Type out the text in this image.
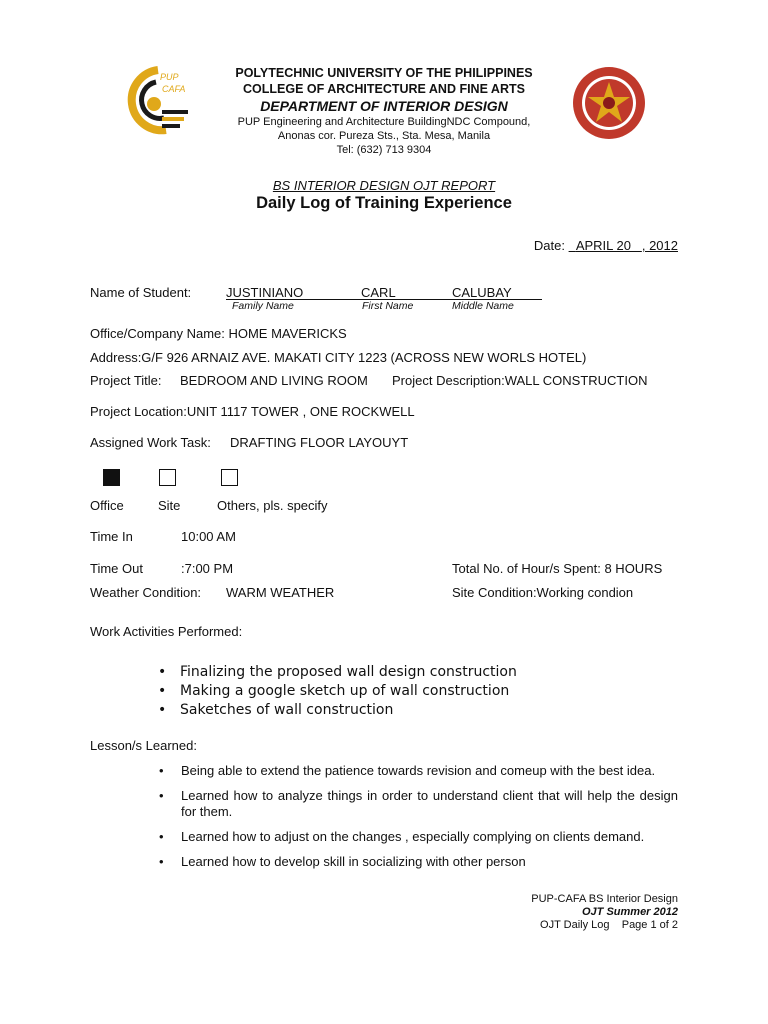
PUP
CAFA
POLYTECHNIC UNIVERSITY OF THE PHILIPPINES
COLLEGE OF ARCHITECTURE AND FINE ARTS
DEPARTMENT OF INTERIOR DESIGN
PUP Engineering and Architecture BuildingNDC Compound,
Anonas cor. Pureza Sts., Sta. Mesa, Manila
Tel: (632) 713 9304
BS INTERIOR DESIGN OJT REPORT
Daily Log of Training Experience
Date: APRIL 20 , 2012
Name of Student:	JUSTINIANO	CARL	CALUBAY
Family Name	First Name	Middle Name
Office/Company Name: HOME MAVERICKS
Address:G/F 926 ARNAIZ AVE. MAKATI CITY 1223 (ACROSS NEW WORLS HOTEL)
Project Title: BEDROOM AND LIVING ROOM Project Description:WALL CONSTRUCTION
Project Location:UNIT 1117 TOWER , ONE ROCKWELL
Assigned Work Task: DRAFTING FLOOR LAYOUYT
Office	Site	Others, pls. specify
Time In	10:00 AM
Time Out	:7:00 PM	Total No. of Hour/s Spent: 8 HOURS
Weather Condition: WARM WEATHER	Site Condition:Working condion
Work Activities Performed:
• Finalizing the proposed wall design construction
• Making a google sketch up of wall construction
• Saketches of wall construction
Lesson/s Learned:
• Being able to extend the patience towards revision and comeup with the best idea.
• Learned how to analyze things in order to understand client that will help the design for them.
• Learned how to adjust on the changes , especially complying on clients demand.
• Learned how to develop skill in socializing with other person
PUP-CAFA BS Interior Design
OJT Summer 2012
OJT Daily Log    Page 1 of 2
